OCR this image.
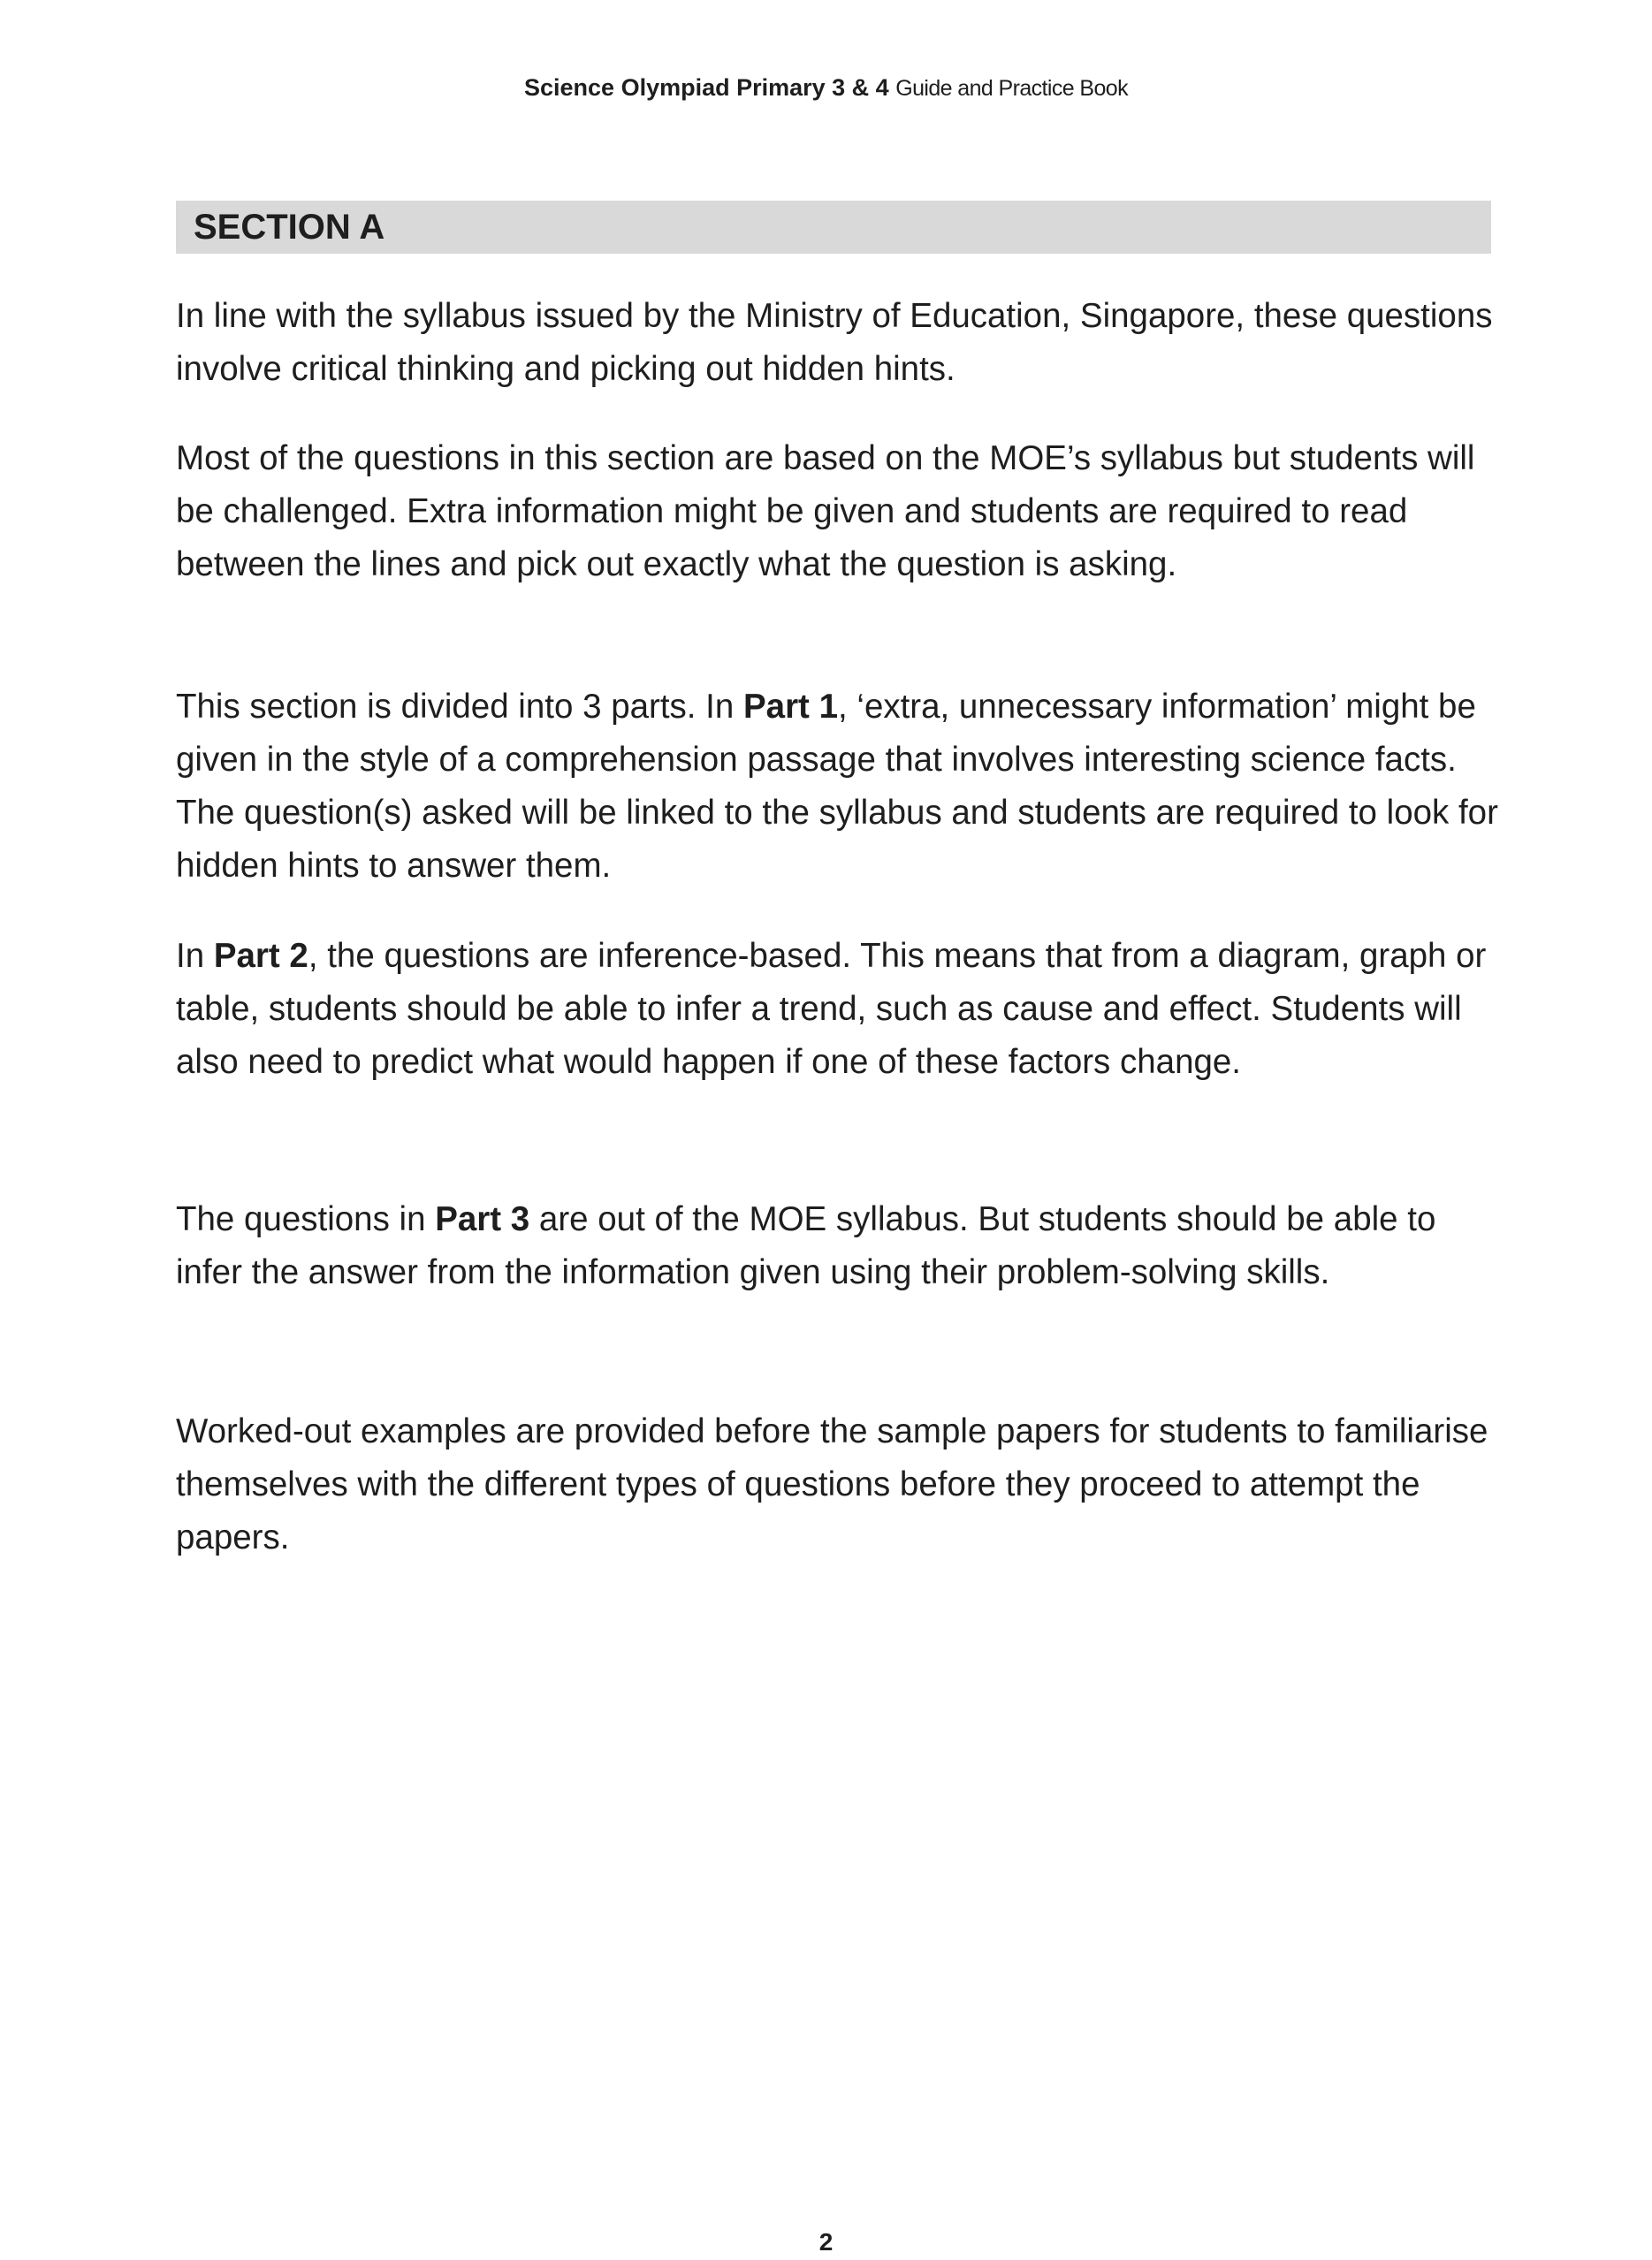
Science Olympiad Primary 3 & 4 Guide and Practice Book
SECTION A

In line with the syllabus issued by the Ministry of Education, Singapore, these questions involve critical thinking and picking out hidden hints.

Most of the questions in this section are based on the MOE’s syllabus but students will be challenged. Extra information might be given and students are required to read between the lines and pick out exactly what the question is asking.

This section is divided into 3 parts. In Part 1, ‘extra, unnecessary information’ might be given in the style of a comprehension passage that involves interesting science facts. The question(s) asked will be linked to the syllabus and students are required to look for hidden hints to answer them.

In Part 2, the questions are inference-based. This means that from a diagram, graph or table, students should be able to infer a trend, such as cause and effect. Students will also need to predict what would happen if one of these factors change.

The questions in Part 3 are out of the MOE syllabus. But students should be able to infer the answer from the information given using their problem-solving skills.

Worked-out examples are provided before the sample papers for students to familiarise themselves with the different types of questions before they proceed to attempt the papers.

2
